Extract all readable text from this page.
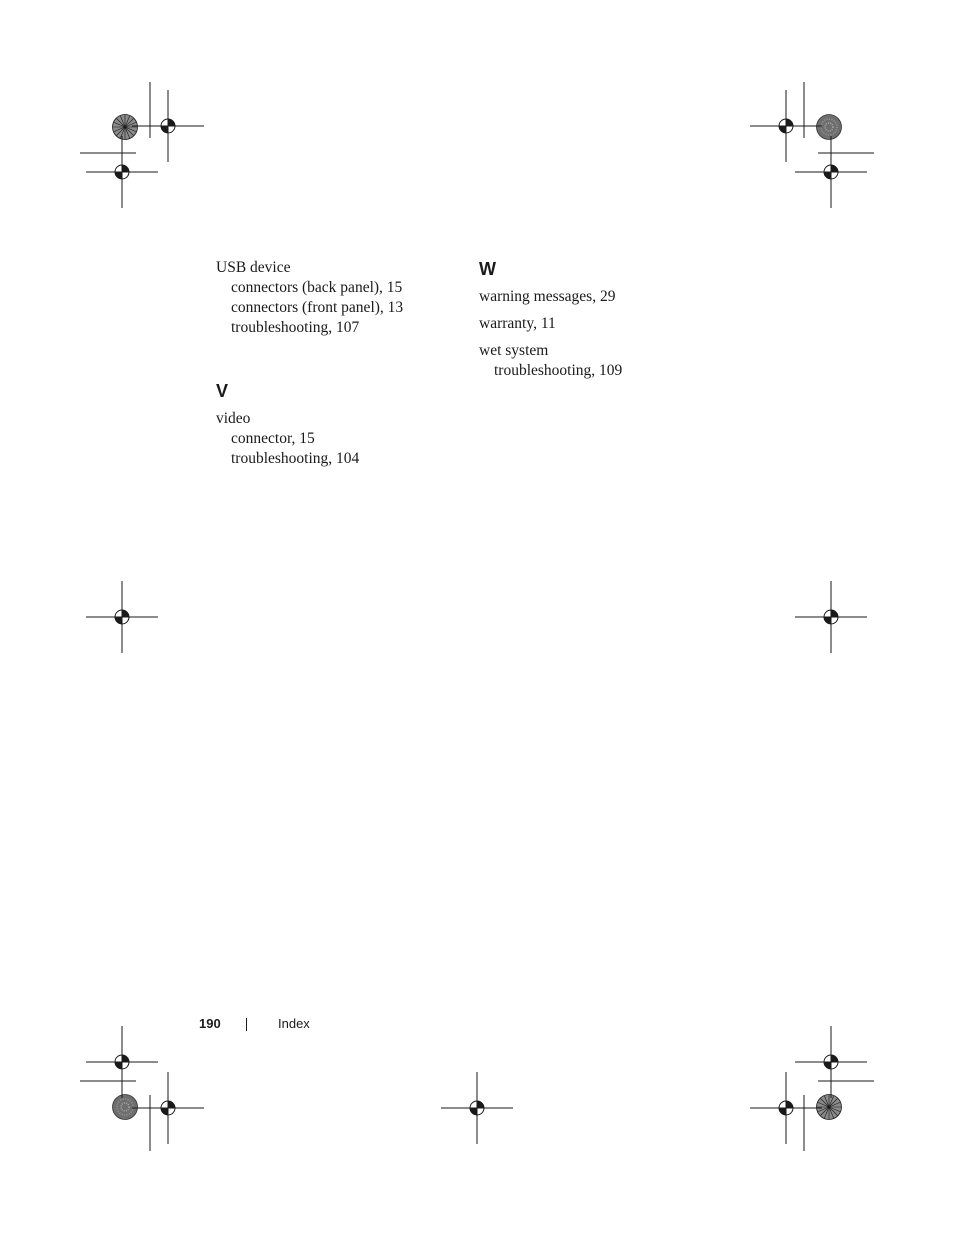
USB device
connectors (back panel), 15
connectors (front panel), 13
troubleshooting, 107
V
video
connector, 15
troubleshooting, 104
W
warning messages, 29
warranty, 11
wet system
troubleshooting, 109
190	Index
